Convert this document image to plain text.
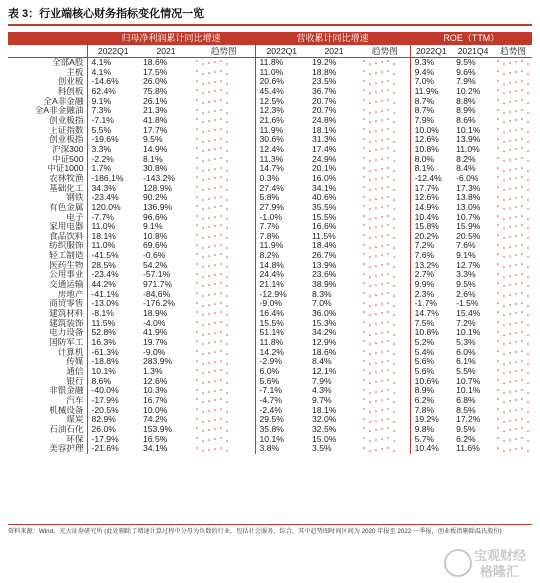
表 3：行业端核心财务指标变化情况一览
	归母净利润累计同比增速			营收累计同比增速			ROE（TTM）		
	2022Q1	2021	趋势图	2022Q1	2021	趋势图	2022Q1	2021Q4	趋势图
全部A股	4.1%	18.6%		11.8%	19.2%		9.3%	9.5%	

主板	4.1%	17.5%		11.0%	18.8%		9.4%	9.6%	

创业板	-14.6%	26.0%		20.6%	23.5%		7.0%	7.9%	

科创板	62.4%	75.8%		45.4%	36.7%		11.9%	10.2%	

全A非金融	9.1%	26.1%		12.5%	20.7%		8.7%	8.8%	

全A非金融油	7.3%	21.3%		12.3%	20.7%		8.7%	8.9%	

创业板指	-7.1%	41.8%		21.6%	24.8%		7.9%	8.6%	

上证指数	5.5%	17.7%		11.9%	18.1%		10.0%	10.1%	

创业板指	-19.6%	9.5%		30.6%	31.3%		12.6%	13.9%	

沪深300	3.3%	14.9%		12.4%	17.4%		10.8%	11.0%	

中证500	-2.2%	8.1%		11.3%	24.9%		8.0%	8.2%	

中证1000	1.7%	30.8%		14.7%	20.1%		8.1%	8.4%	

农林牧渔	-186.1%	-143.2%		0.3%	16.0%		-12.4%	-6.0%	

基础化工	34.3%	128.9%		27.4%	34.1%		17.7%	17.3%	

钢铁	-23.4%	90.2%		5.8%	40.6%		12.6%	13.8%	

有色金属	120.0%	136.9%		27.9%	35.5%		14.9%	13.0%	

电子	-7.7%	96.6%		-1.0%	15.5%		10.4%	10.7%	

家用电器	11.0%	9.1%		7.7%	16.6%		15.8%	15.9%	

食品饮料	18.1%	10.8%		7.8%	11.5%		20.2%	20.5%	

纺织服饰	11.0%	69.6%		11.9%	18.4%		7.2%	7.6%	

轻工制造	-41.5%	-0.6%		8.2%	26.7%		7.6%	9.1%	

医药生物	28.5%	54.2%		14.8%	13.9%		13.2%	12.7%	

公用事业	-23.4%	-57.1%		24.4%	23.6%		2.7%	3.3%	

交通运输	44.2%	971.7%		21.1%	38.9%		9.9%	9.5%	

房地产	-41.1%	-84.6%		-12.9%	8.3%		2.3%	2.6%	

商贸零售	-13.0%	-176.2%		-9.0%	7.0%		-1.7%	-1.5%	

建筑材料	-8.1%	18.9%		16.4%	36.0%		14.7%	15.4%	

建筑装饰	11.5%	-4.0%		15.5%	15.3%		7.5%	7.2%	

电力设备	52.8%	41.9%		51.1%	34.2%		10.8%	10.1%	

国防军工	16.3%	19.7%		11.8%	12.9%		5.2%	5.3%	

计算机	-61.3%	-9.0%		14.2%	18.6%		5.4%	6.0%	

传媒	-18.8%	283.9%		-2.9%	8.4%		5.6%	6.1%	

通信	10.1%	1.3%		6.0%	12.1%		5.6%	5.5%	

银行	8.6%	12.6%		5.6%	7.9%		10.6%	10.7%	

非银金融	-40.0%	10.3%		-7.1%	4.3%		8.9%	10.1%	

汽车	-17.9%	16.7%		-4.7%	9.7%		6.2%	6.8%	

机械设备	-20.5%	10.0%		-2.4%	18.1%		7.8%	8.5%	

煤炭	82.9%	74.2%		29.5%	32.0%		19.2%	17.2%	

石油石化	26.0%	153.9%		35.8%	32.5%		9.8%	9.5%	

环保	-17.9%	16.5%		10.1%	15.0%		5.7%	6.2%	

美容护理	-21.6%	34.1%		3.8%	3.5%		10.4%	11.6%	
资料来源：Wind，光大证券研究所 (此处剔除了增速计算过程中分母为负数的行业，包括社会服务、综合，其中趋势图时间区间为 2020 年报至 2022 一季报，创业板指剔除温氏股份)
宝观财经
格隆汇
